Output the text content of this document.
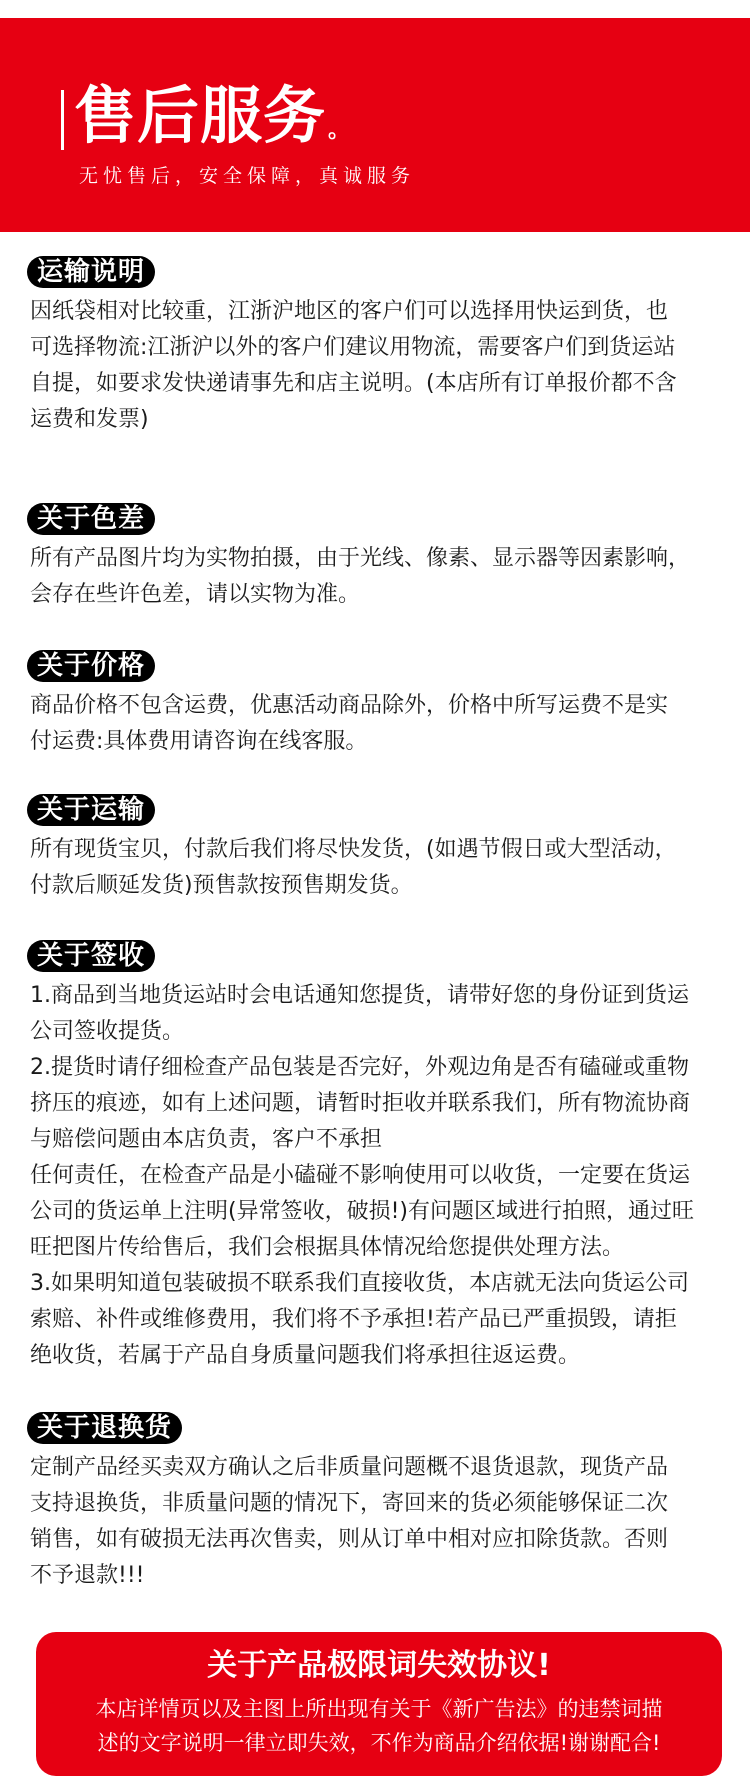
售后服务。
无忧售后，安全保障，真诚服务
运输说明

因纸袋相对比较重，江浙沪地区的客户们可以选择用快运到货，也
可选择物流:江浙沪以外的客户们建议用物流，需要客户们到货运站
自提，如要求发快递请事先和店主说明。(本店所有订单报价都不含
运费和发票)

关于色差

所有产品图片均为实物拍摄，由于光线、像素、显示器等因素影响，
会存在些许色差，请以实物为准。

关于价格

商品价格不包含运费，优惠活动商品除外，价格中所写运费不是实
付运费:具体费用请咨询在线客服。

关于运输

所有现货宝贝，付款后我们将尽快发货，(如遇节假日或大型活动，
付款后顺延发货)预售款按预售期发货。

关于签收

1.商品到当地货运站时会电话通知您提货，请带好您的身份证到货运
公司签收提货。
2.提货时请仔细检查产品包装是否完好，外观边角是否有磕碰或重物
挤压的痕迹，如有上述问题，请暂时拒收并联系我们，所有物流协商
与赔偿问题由本店负责，客户不承担
任何责任，在检查产品是小磕碰不影响使用可以收货，一定要在货运
公司的货运单上注明(异常签收，破损!)有问题区域进行拍照，通过旺
旺把图片传给售后，我们会根据具体情况给您提供处理方法。
3.如果明知道包装破损不联系我们直接收货，本店就无法向货运公司
索赔、补件或维修费用，我们将不予承担!若产品已严重损毁，请拒
绝收货，若属于产品自身质量问题我们将承担往返运费。

关于退换货

定制产品经买卖双方确认之后非质量问题概不退货退款，现货产品
支持退换货，非质量问题的情况下，寄回来的货必须能够保证二次
销售，如有破损无法再次售卖，则从订单中相对应扣除货款。否则
不予退款!!!

关于产品极限词失效协议!
本店详情页以及主图上所出现有关于《新广告法》的违禁词描
述的文字说明一律立即失效，不作为商品介绍依据!谢谢配合!
